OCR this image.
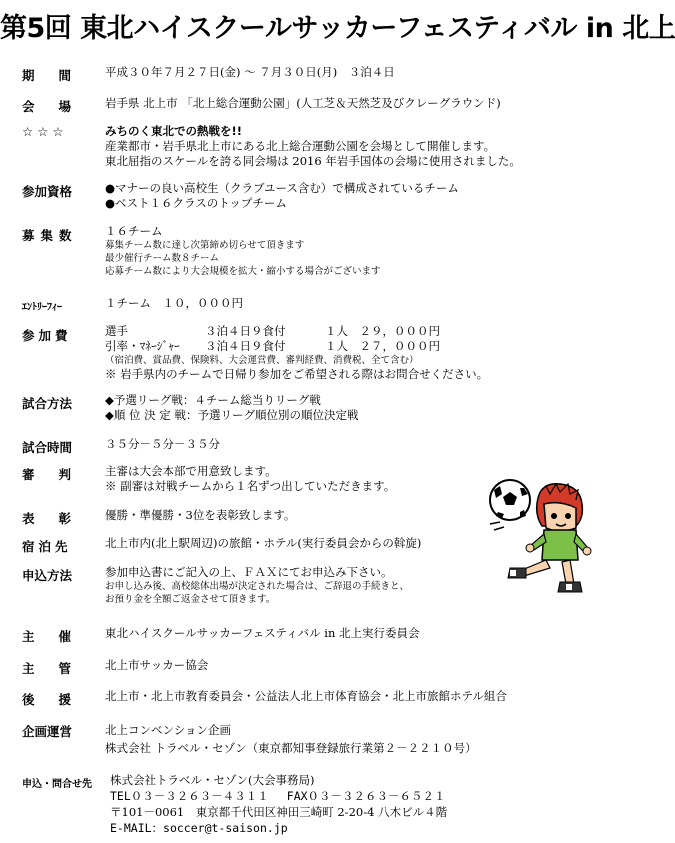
第5回 東北ハイスクールサッカーフェスティバル in 北上
期間 平成３０年７月２７日(金) ～ ７月３０日(月)　３泊４日
会場 岩手県 北上市 「北上総合運動公園」(人工芝＆天然芝及びクレーグラウンド)
☆☆☆	みちのく東北での熱戦を!!
産業都市・岩手県北上市にある北上総合運動公園を会場として開催します。
東北屈指のスケールを誇る同会場は 2016 年岩手国体の会場に使用されました。
参加資格	●マナーの良い高校生（クラブユース含む）で構成されているチーム
●ベスト１６クラスのトップチーム
募集数	１６チーム
募集チーム数に達し次第締め切らせて頂きます
最少催行チーム数８チーム
応募チーム数により大会規模を拡大・縮小する場合がございます
ｴﾝﾄﾘｰﾌｨｰ	１チーム　１０，０００円
参加費	選手	３泊４日９食付	１人　２９，０００円
引率・ﾏﾈｰｼﾞｬｰ	３泊４日９食付	１人　２７，０００円
（宿泊費、賞品費、保険料、大会運営費、審判経費、消費税、全て含む）
※ 岩手県内のチームで日帰り参加をご希望される際はお問合せください。
試合方法	◆予選リーグ戦：４チーム総当りリーグ戦
◆順 位 決 定 戦：予選リーグ順位別の順位決定戦
試合時間	３５分－５分－３５分
審判 主審は大会本部で用意致します。
※ 副審は対戦チームから１名ずつ出していただきます。
表彰 優勝・準優勝・3位を表彰致します。
宿泊先	北上市内(北上駅周辺)の旅館・ホテル(実行委員会からの斡旋)
申込方法	参加申込書にご記入の上、ＦＡＸにてお申込み下さい。
お申し込み後、高校総体出場が決定された場合は、ご辞退の手続きと、
お預り金を全額ご返金させて頂きます。
主催 東北ハイスクールサッカーフェスティバル in 北上実行委員会
主管 北上市サッカー協会
後援 北上市・北上市教育委員会・公益法人北上市体育協会・北上市旅館ホテル組合
企画運営	北上コンベンション企画
株式会社 トラベル・セゾン（東京都知事登録旅行業第２－２２１０号）
申込・問合せ先 株式会社トラベル・セゾン(大会事務局)
TEL０３－３２６３－４３１１ FAX０３－３２６３－６５２１
〒101－0061　東京都千代田区神田三崎町 2-20-4 八木ビル４階
E-MAIL：soccer@t-saison.jp
